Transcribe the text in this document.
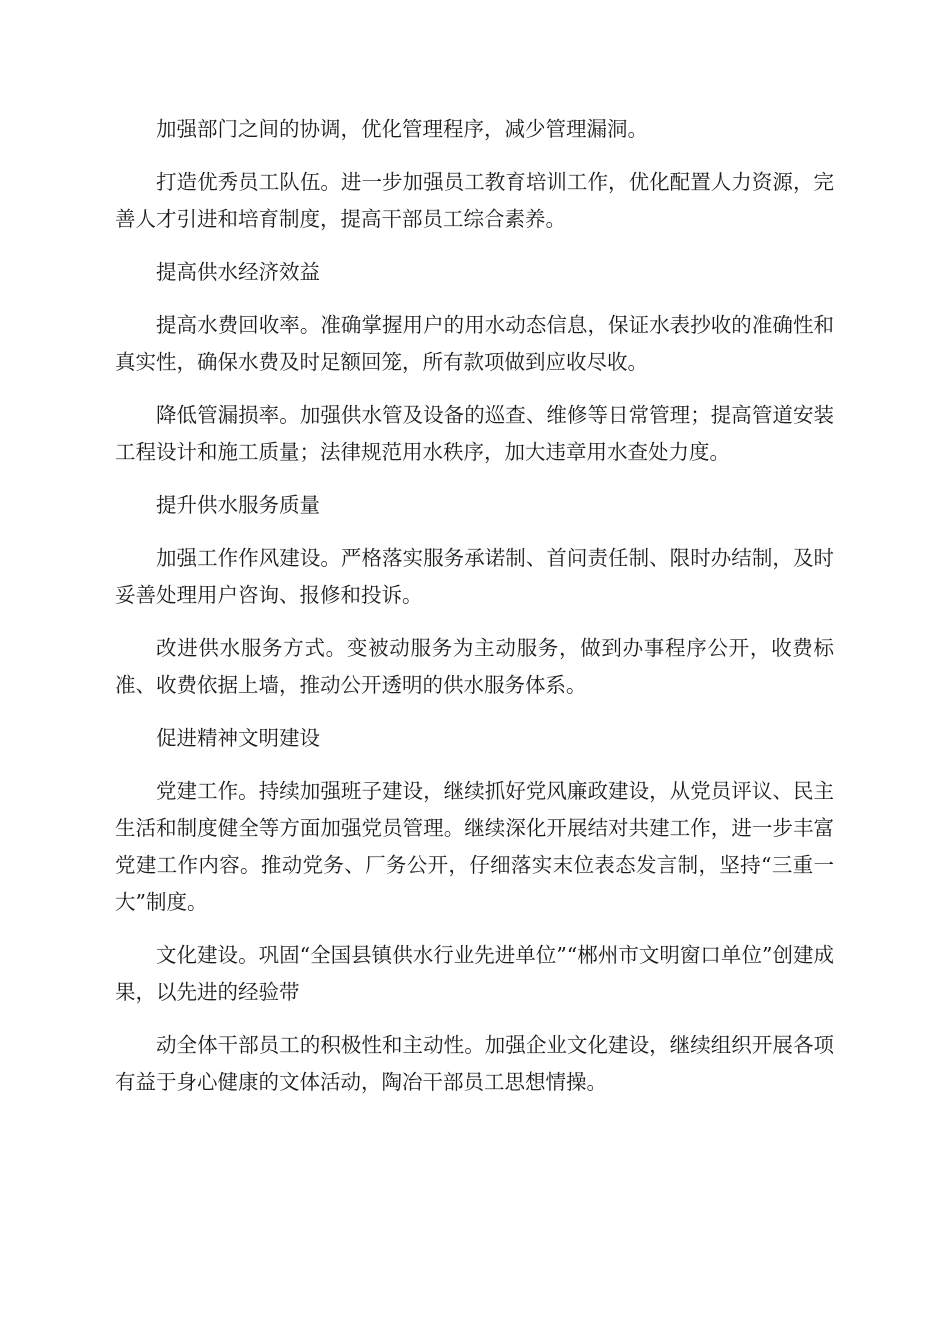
加强部门之间的协调，优化管理程序，减少管理漏洞。

打造优秀员工队伍。进一步加强员工教育培训工作，优化配置人力资源，完善人才引进和培育制度，提高干部员工综合素养。

提高供水经济效益

提高水费回收率。准确掌握用户的用水动态信息，保证水表抄收的准确性和真实性，确保水费及时足额回笼，所有款项做到应收尽收。

降低管漏损率。加强供水管及设备的巡查、维修等日常管理；提高管道安装工程设计和施工质量；法律规范用水秩序，加大违章用水查处力度。

提升供水服务质量

加强工作作风建设。严格落实服务承诺制、首问责任制、限时办结制，及时妥善处理用户咨询、报修和投诉。

改进供水服务方式。变被动服务为主动服务，做到办事程序公开，收费标准、收费依据上墙，推动公开透明的供水服务体系。

促进精神文明建设

党建工作。持续加强班子建设，继续抓好党风廉政建设，从党员评议、民主生活和制度健全等方面加强党员管理。继续深化开展结对共建工作，进一步丰富党建工作内容。推动党务、厂务公开，仔细落实末位表态发言制，坚持“三重一大”制度。

文化建设。巩固“全国县镇供水行业先进单位”“郴州市文明窗口单位”创建成果，以先进的经验带

动全体干部员工的积极性和主动性。加强企业文化建设，继续组织开展各项有益于身心健康的文体活动，陶冶干部员工思想情操。
